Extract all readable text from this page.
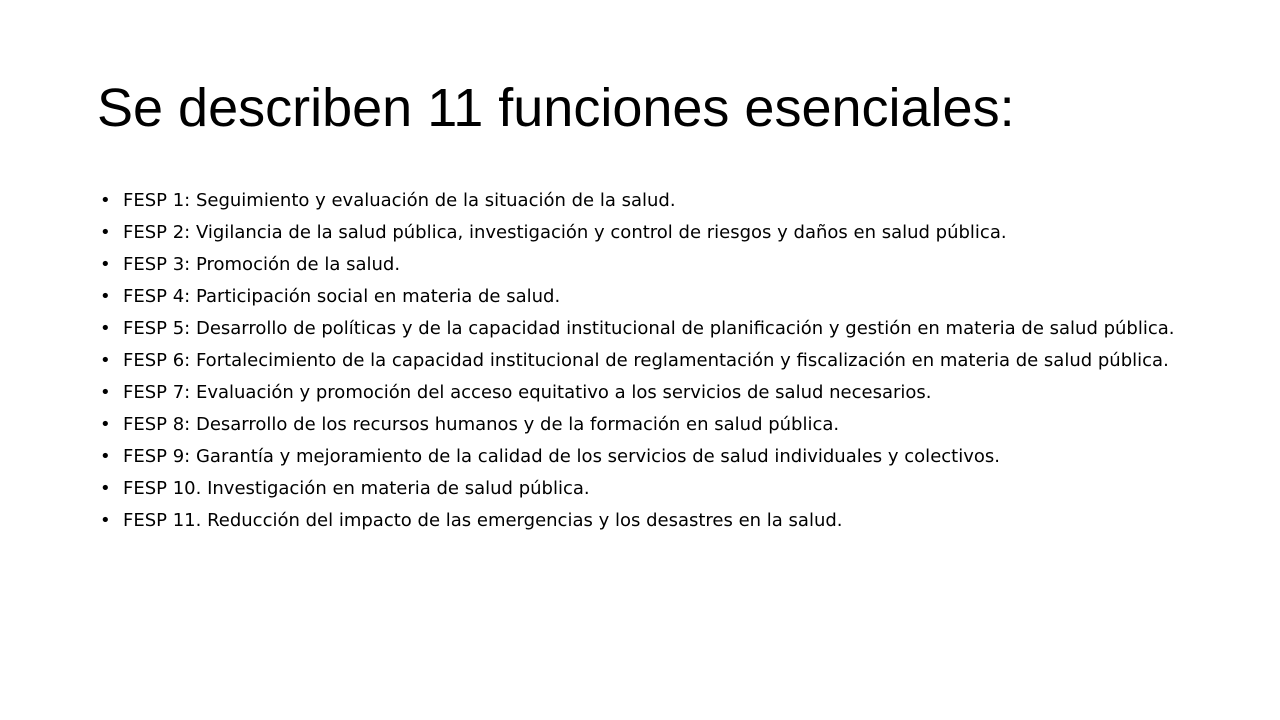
Se describen 11 funciones esenciales:
• FESP 1: Seguimiento y evaluación de la situación de la salud.
• FESP 2: Vigilancia de la salud pública, investigación y control de riesgos y daños en salud pública.
• FESP 3: Promoción de la salud.
• FESP 4: Participación social en materia de salud.
• FESP 5: Desarrollo de políticas y de la capacidad institucional de planificación y gestión en materia de salud pública.
• FESP 6: Fortalecimiento de la capacidad institucional de reglamentación y fiscalización en materia de salud pública.
• FESP 7: Evaluación y promoción del acceso equitativo a los servicios de salud necesarios.
• FESP 8: Desarrollo de los recursos humanos y de la formación en salud pública.
• FESP 9: Garantía y mejoramiento de la calidad de los servicios de salud individuales y colectivos.
• FESP 10. Investigación en materia de salud pública.
• FESP 11. Reducción del impacto de las emergencias y los desastres en la salud.
